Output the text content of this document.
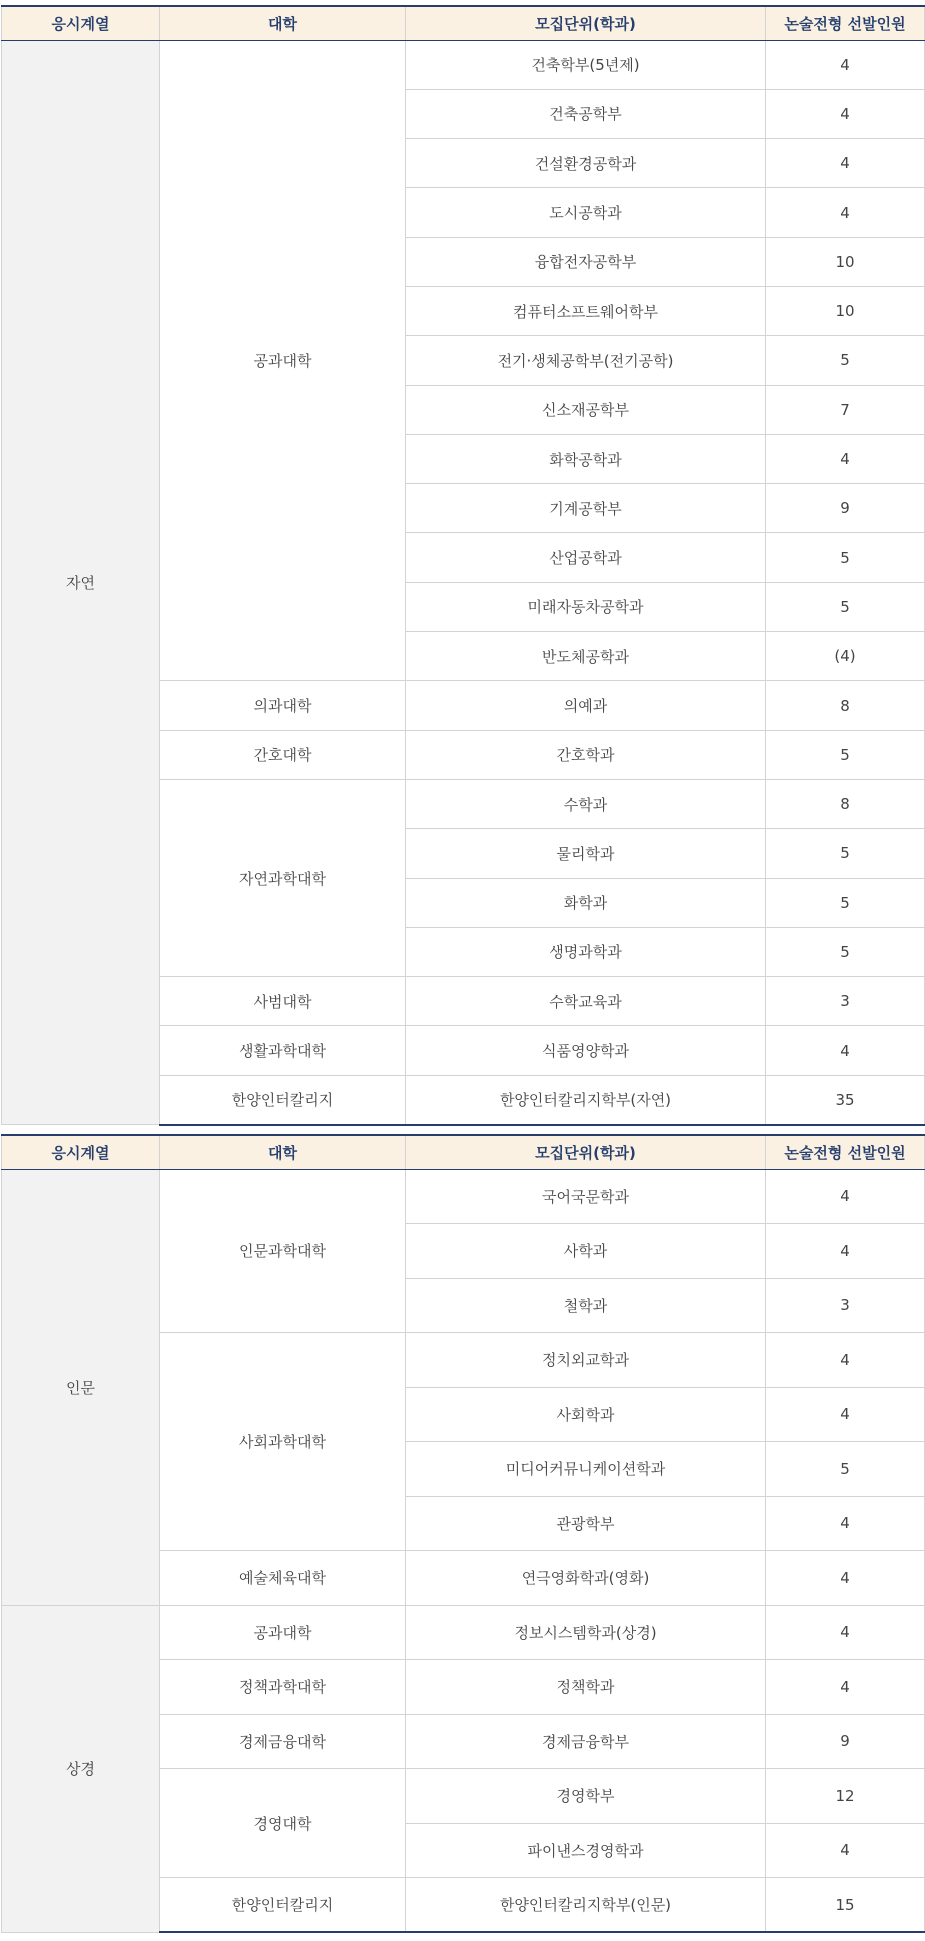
응시계열	대학	모집단위(학과)	논술전형 선발인원
자연	공과대학	건축학부(5년제)	4
		건축공학부	4
		건설환경공학과	4
		도시공학과	4
		융합전자공학부	10
		컴퓨터소프트웨어학부	10
		전기·생체공학부(전기공학)	5
		신소재공학부	7
		화학공학과	4
		기계공학부	9
		산업공학과	5
		미래자동차공학과	5
		반도체공학과	(4)
	의과대학	의예과	8
	간호대학	간호학과	5
	자연과학대학	수학과	8
		물리학과	5
		화학과	5
		생명과학과	5
	사범대학	수학교육과	3
	생활과학대학	식품영양학과	4
	한양인터칼리지	한양인터칼리지학부(자연)	35
응시계열	대학	모집단위(학과)	논술전형 선발인원
인문	인문과학대학	국어국문학과	4
		사학과	4
		철학과	3
	사회과학대학	정치외교학과	4
		사회학과	4
		미디어커뮤니케이션학과	5
		관광학부	4
	예술체육대학	연극영화학과(영화)	4
상경	공과대학	정보시스템학과(상경)	4
	정책과학대학	정책학과	4
	경제금융대학	경제금융학부	9
	경영대학	경영학부	12
		파이낸스경영학과	4
	한양인터칼리지	한양인터칼리지학부(인문)	15
